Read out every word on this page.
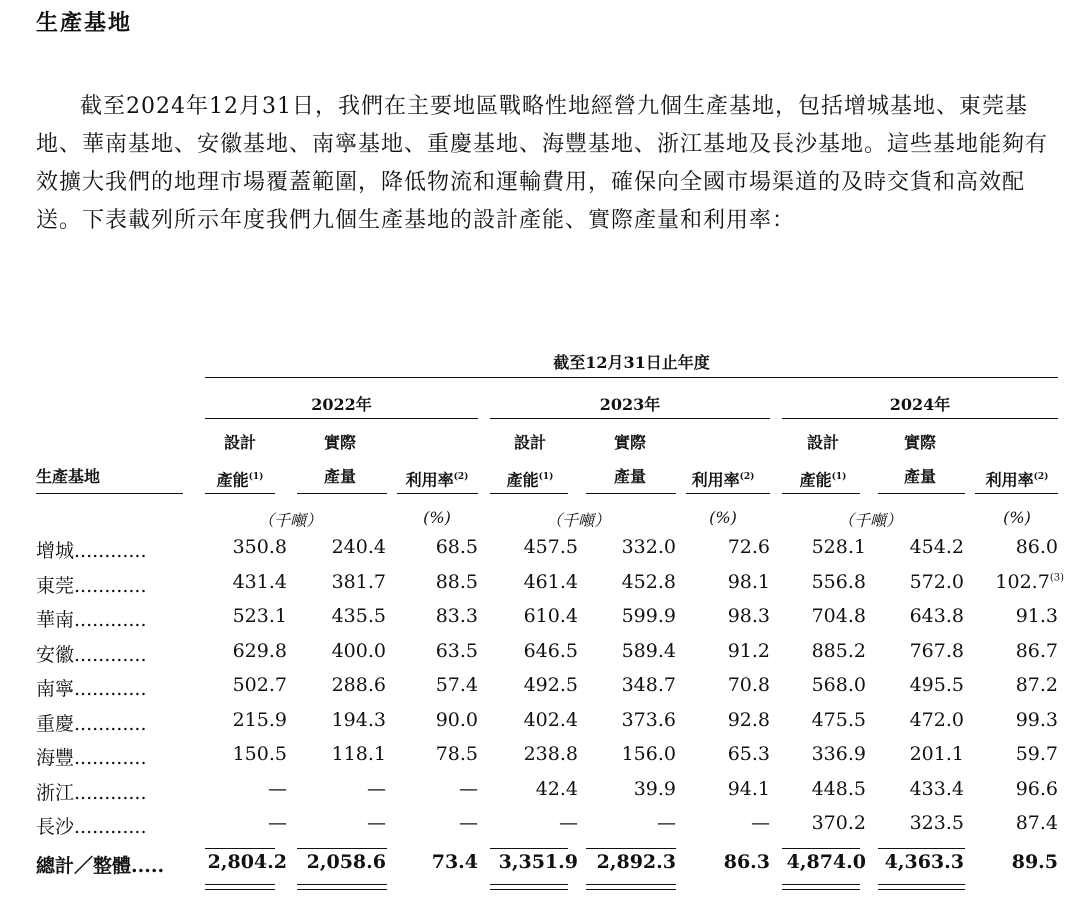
生產基地

截至2024年12月31日，我們在主要地區戰略性地經營九個生產基地，包括增城基地、東莞基地、華南基地、安徽基地、南寧基地、重慶基地、海豐基地、浙江基地及長沙基地。這些基地能夠有效擴大我們的地理市場覆蓋範圍，降低物流和運輸費用，確保向全國市場渠道的及時交貨和高效配送。下表載列所示年度我們九個生產基地的設計產能、實際產量和利用率：

截至12月31日止年度
2022年	2023年	2024年
生產基地
設計
產能$^{(1)}$
實際
產量	利用率$^{(2)}$
設計
產能$^{(1)}$
實際
產量	利用率$^{(2)}$
設計
產能$^{(1)}$
實際
產量	利用率$^{(2)}$
（千噸）	(%)	（千噸）	(%)	（千噸）	(%)
增城............	350.8	240.4	68.5	457.5	332.0	72.6	528.1	454.2	86.0
東莞............	431.4	381.7	88.5	461.4	452.8	98.1	556.8	572.0	102.7$^{(3)}$
華南............	523.1	435.5	83.3	610.4	599.9	98.3	704.8	643.8	91.3
安徽............	629.8	400.0	63.5	646.5	589.4	91.2	885.2	767.8	86.7
南寧............	502.7	288.6	57.4	492.5	348.7	70.8	568.0	495.5	87.2
重慶............	215.9	194.3	90.0	402.4	373.6	92.8	475.5	472.0	99.3
海豐............	150.5	118.1	78.5	238.8	156.0	65.3	336.9	201.1	59.7
浙江............	—	—	—	42.4	39.9	94.1	448.5	433.4	96.6
長沙............	—	—	—	—	—	—	370.2	323.5	87.4
總計／整體.....	2,804.2	2,058.6	73.4	3,351.9 2,892.3	86.3 4,874.0 4,363.3	89.5
